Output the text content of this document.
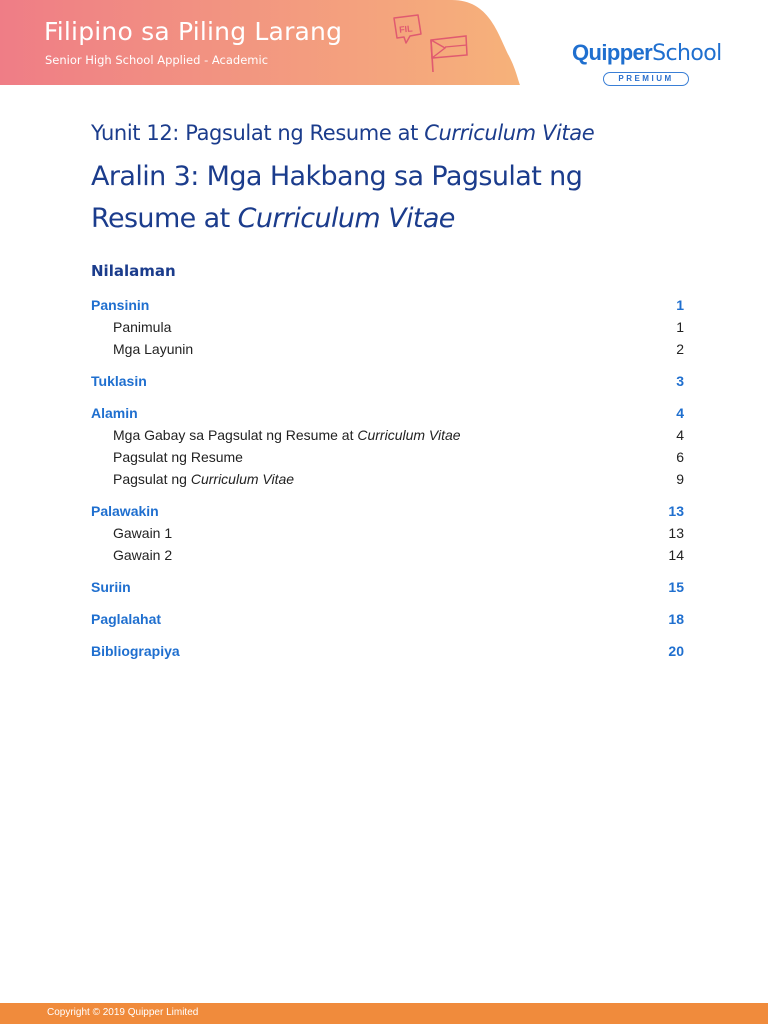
Filipino sa Piling Larang
Senior High School Applied - Academic
FIL
QuipperSchool
PREMIUM
Yunit 12: Pagsulat ng Resume at Curriculum Vitae
Aralin 3: Mga Hakbang sa Pagsulat ng Resume at Curriculum Vitae
Nilalaman
Pansinin	1
Panimula	1
Mga Layunin	2
Tuklasin	3
Alamin	4
Mga Gabay sa Pagsulat ng Resume at Curriculum Vitae	4
Pagsulat ng Resume	6
Pagsulat ng Curriculum Vitae	9
Palawakin	13
Gawain 1	13
Gawain 2	14
Suriin	15
Paglalahat	18
Bibliograpiya	20
Copyright © 2019 Quipper Limited
